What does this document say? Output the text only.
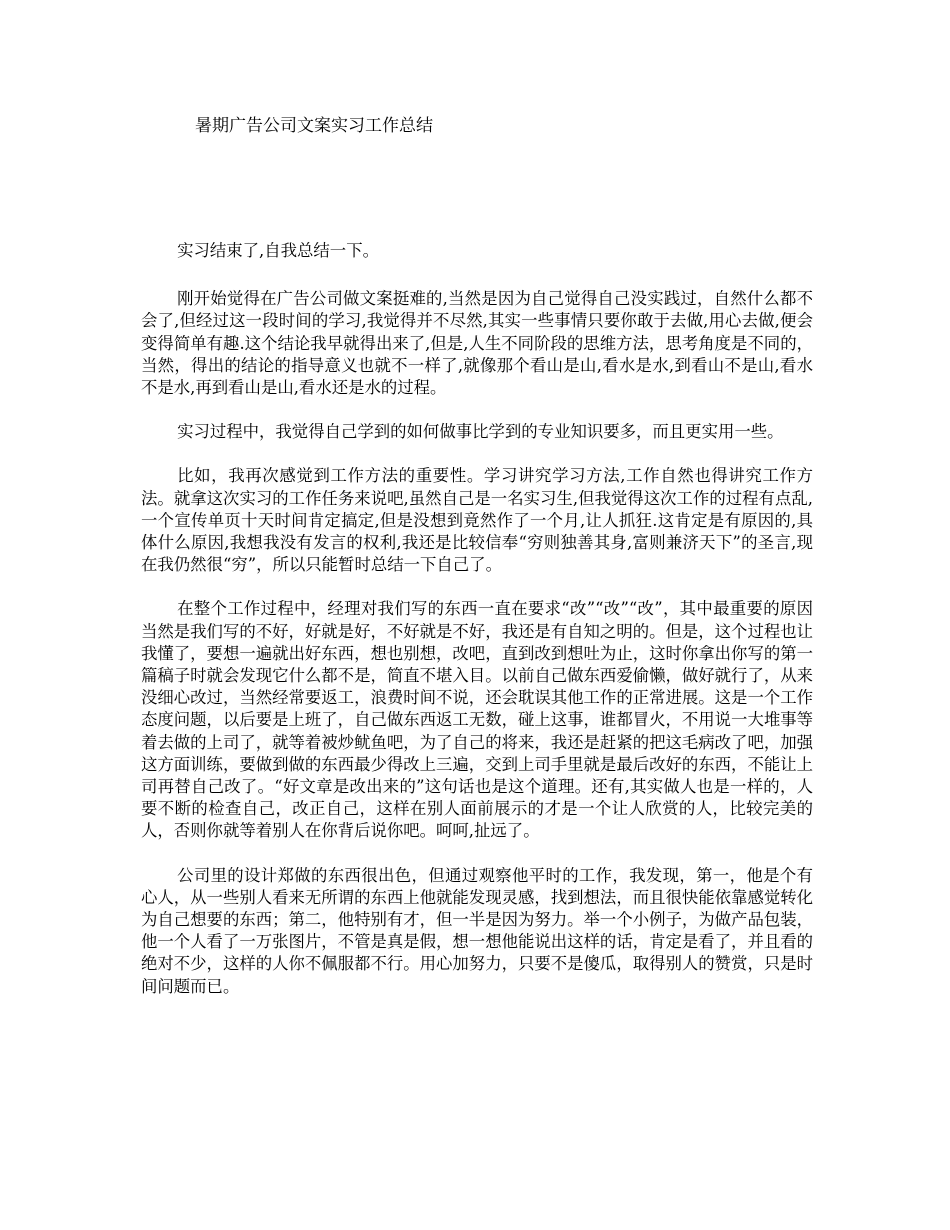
暑期广告公司文案实习工作总结

实习结束了,自我总结一下。

刚开始觉得在广告公司做文案挺难的,当然是因为自己觉得自己没实践过，自然什么都不会了,但经过这一段时间的学习,我觉得并不尽然,其实一些事情只要你敢于去做,用心去做,便会变得简单有趣.这个结论我早就得出来了,但是,人生不同阶段的思维方法，思考角度是不同的，当然，得出的结论的指导意义也就不一样了,就像那个看山是山,看水是水,到看山不是山,看水不是水,再到看山是山,看水还是水的过程。

实习过程中，我觉得自己学到的如何做事比学到的专业知识要多，而且更实用一些。

比如，我再次感觉到工作方法的重要性。学习讲究学习方法,工作自然也得讲究工作方法。就拿这次实习的工作任务来说吧,虽然自己是一名实习生,但我觉得这次工作的过程有点乱,一个宣传单页十天时间肯定搞定,但是没想到竟然作了一个月,让人抓狂.这肯定是有原因的,具体什么原因,我想我没有发言的权利,我还是比较信奉“穷则独善其身,富则兼济天下”的圣言,现在我仍然很“穷”，所以只能暂时总结一下自己了。

在整个工作过程中，经理对我们写的东西一直在要求“改”“改”“改”，其中最重要的原因当然是我们写的不好，好就是好，不好就是不好，我还是有自知之明的。但是，这个过程也让我懂了，要想一遍就出好东西，想也别想，改吧，直到改到想吐为止，这时你拿出你写的第一篇稿子时就会发现它什么都不是，简直不堪入目。以前自己做东西爱偷懒，做好就行了，从来没细心改过，当然经常要返工，浪费时间不说，还会耽误其他工作的正常进展。这是一个工作态度问题，以后要是上班了，自己做东西返工无数，碰上这事，谁都冒火，不用说一大堆事等着去做的上司了，就等着被炒鱿鱼吧，为了自己的将来，我还是赶紧的把这毛病改了吧，加强这方面训练，要做到做的东西最少得改上三遍，交到上司手里就是最后改好的东西，不能让上司再替自己改了。“好文章是改出来的”这句话也是这个道理。还有,其实做人也是一样的，人要不断的检查自己，改正自己，这样在别人面前展示的才是一个让人欣赏的人，比较完美的人，否则你就等着别人在你背后说你吧。呵呵,扯远了。

公司里的设计郑做的东西很出色，但通过观察他平时的工作，我发现，第一，他是个有心人，从一些别人看来无所谓的东西上他就能发现灵感，找到想法，而且很快能依靠感觉转化为自己想要的东西；第二，他特别有才，但一半是因为努力。举一个小例子，为做产品包装，他一个人看了一万张图片，不管是真是假，想一想他能说出这样的话，肯定是看了，并且看的绝对不少，这样的人你不佩服都不行。用心加努力，只要不是傻瓜，取得别人的赞赏，只是时间问题而已。
